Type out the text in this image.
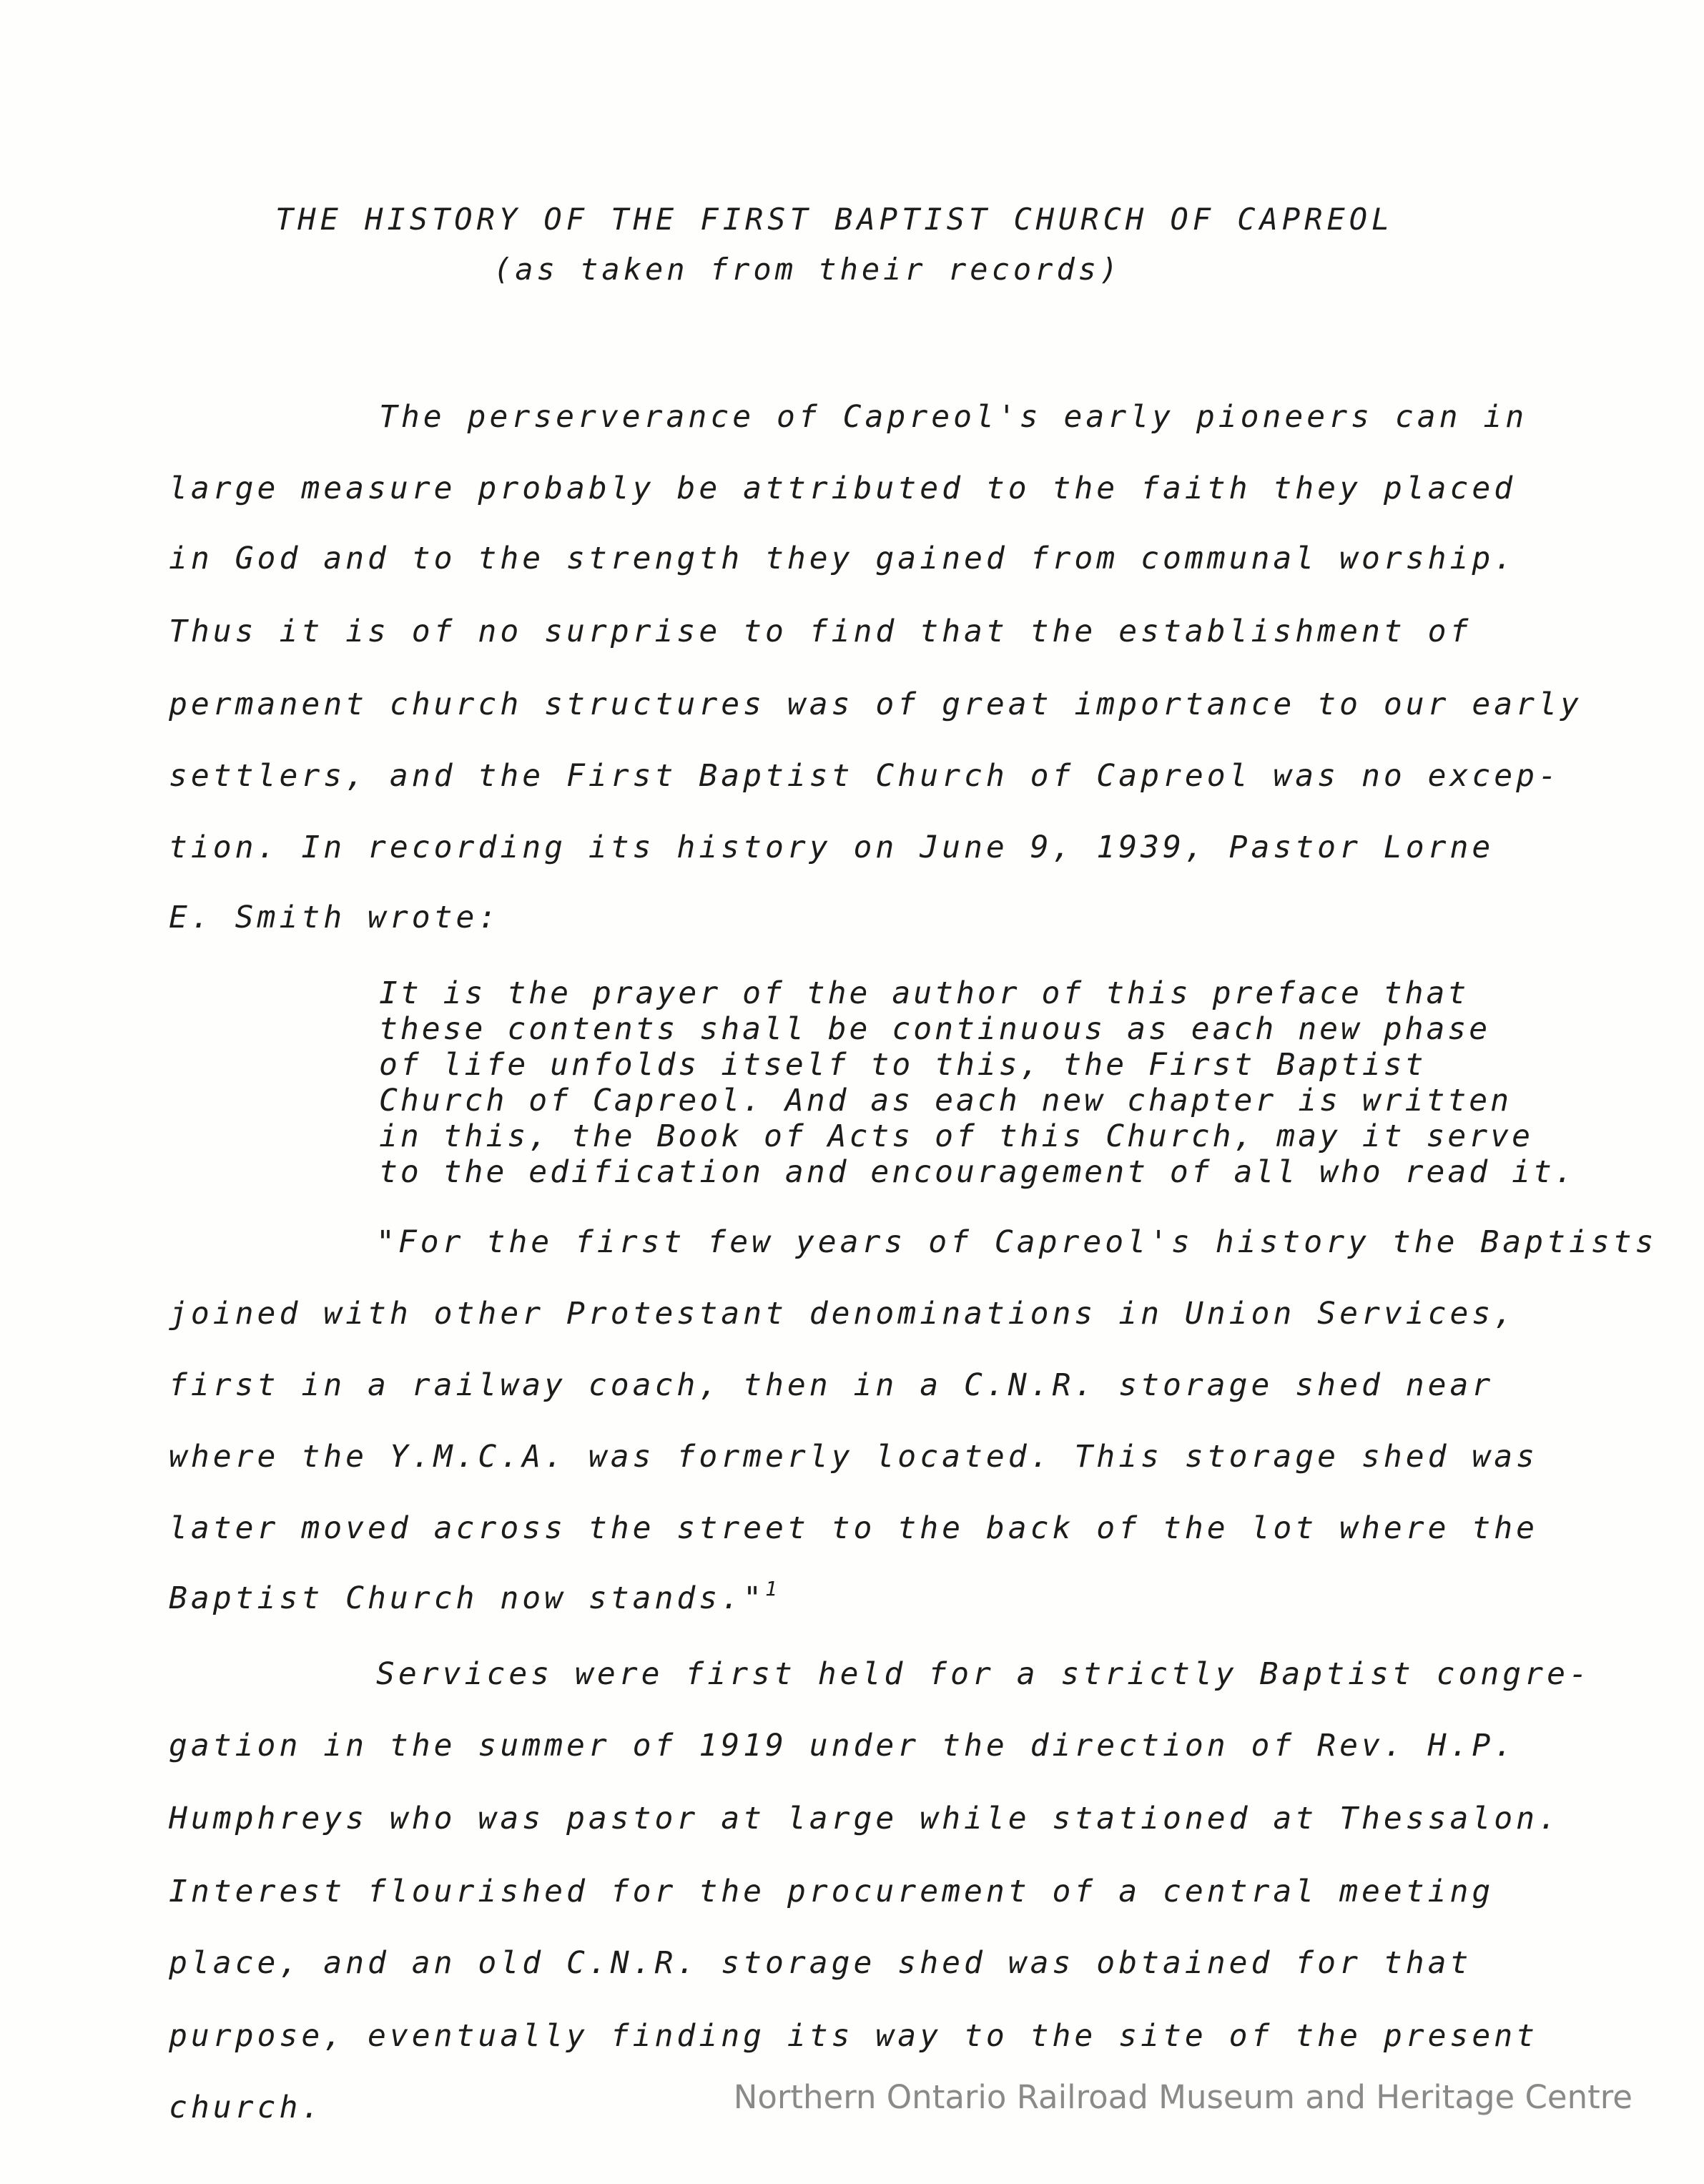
THE HISTORY OF THE FIRST BAPTIST CHURCH OF CAPREOL
(as taken from their records)
The perserverance of Capreol's early pioneers can in
large measure probably be attributed to the faith they placed
in God and to the strength they gained from communal worship.
Thus it is of no surprise to find that the establishment of
permanent church structures was of great importance to our early
settlers, and the First Baptist Church of Capreol was no excep-
tion. In recording its history on June 9, 1939, Pastor Lorne
E. Smith wrote:
It is the prayer of the author of this preface that
these contents shall be continuous as each new phase
of life unfolds itself to this, the First Baptist
Church of Capreol. And as each new chapter is written
in this, the Book of Acts of this Church, may it serve
to the edification and encouragement of all who read it.
"For the first few years of Capreol's history the Baptists
joined with other Protestant denominations in Union Services,
first in a railway coach, then in a C.N.R. storage shed near
where the Y.M.C.A. was formerly located. This storage shed was
later moved across the street to the back of the lot where the
Baptist Church now stands."$^1$
Services were first held for a strictly Baptist congre-
gation in the summer of 1919 under the direction of Rev. H.P.
Humphreys who was pastor at large while stationed at Thessalon.
Interest flourished for the procurement of a central meeting
place, and an old C.N.R. storage shed was obtained for that
purpose, eventually finding its way to the site of the present
church.	Northern Ontario Railroad Museum and Heritage Centre
